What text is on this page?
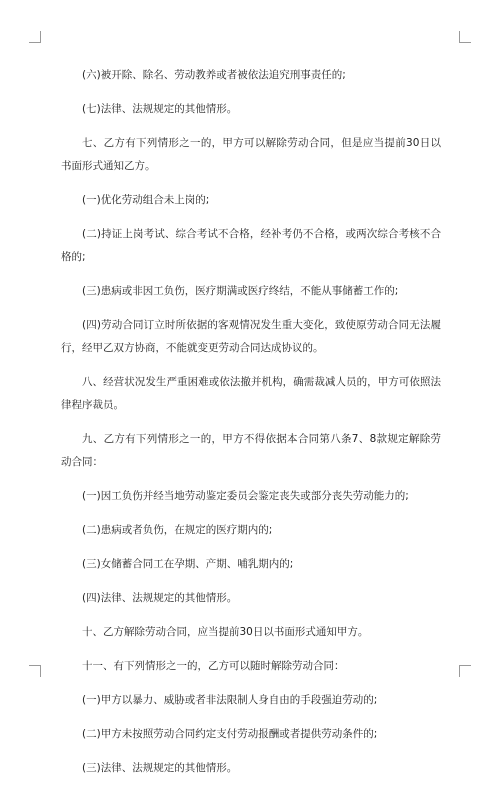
(六)被开除、除名、劳动教养或者被依法追究刑事责任的;

(七)法律、法规规定的其他情形。

七、乙方有下列情形之一的，甲方可以解除劳动合同，但是应当提前30日以书面形式通知乙方。

(一)优化劳动组合未上岗的;

(二)持证上岗考试、综合考试不合格，经补考仍不合格，或两次综合考核不合格的;

(三)患病或非因工负伤，医疗期满或医疗终结，不能从事储蓄工作的;

(四)劳动合同订立时所依据的客观情况发生重大变化，致使原劳动合同无法履行，经甲乙双方协商，不能就变更劳动合同达成协议的。

八、经营状况发生严重困难或依法撤并机构，确需裁减人员的，甲方可依照法律程序裁员。

九、乙方有下列情形之一的，甲方不得依据本合同第八条7、8款规定解除劳动合同：

(一)因工负伤并经当地劳动鉴定委员会鉴定丧失或部分丧失劳动能力的;

(二)患病或者负伤，在规定的医疗期内的;

(三)女储蓄合同工在孕期、产期、哺乳期内的;

(四)法律、法规规定的其他情形。

十、乙方解除劳动合同，应当提前30日以书面形式通知甲方。

十一、有下列情形之一的，乙方可以随时解除劳动合同：

(一)甲方以暴力、威胁或者非法限制人身自由的手段强迫劳动的;

(二)甲方未按照劳动合同约定支付劳动报酬或者提供劳动条件的;

(三)法律、法规规定的其他情形。
